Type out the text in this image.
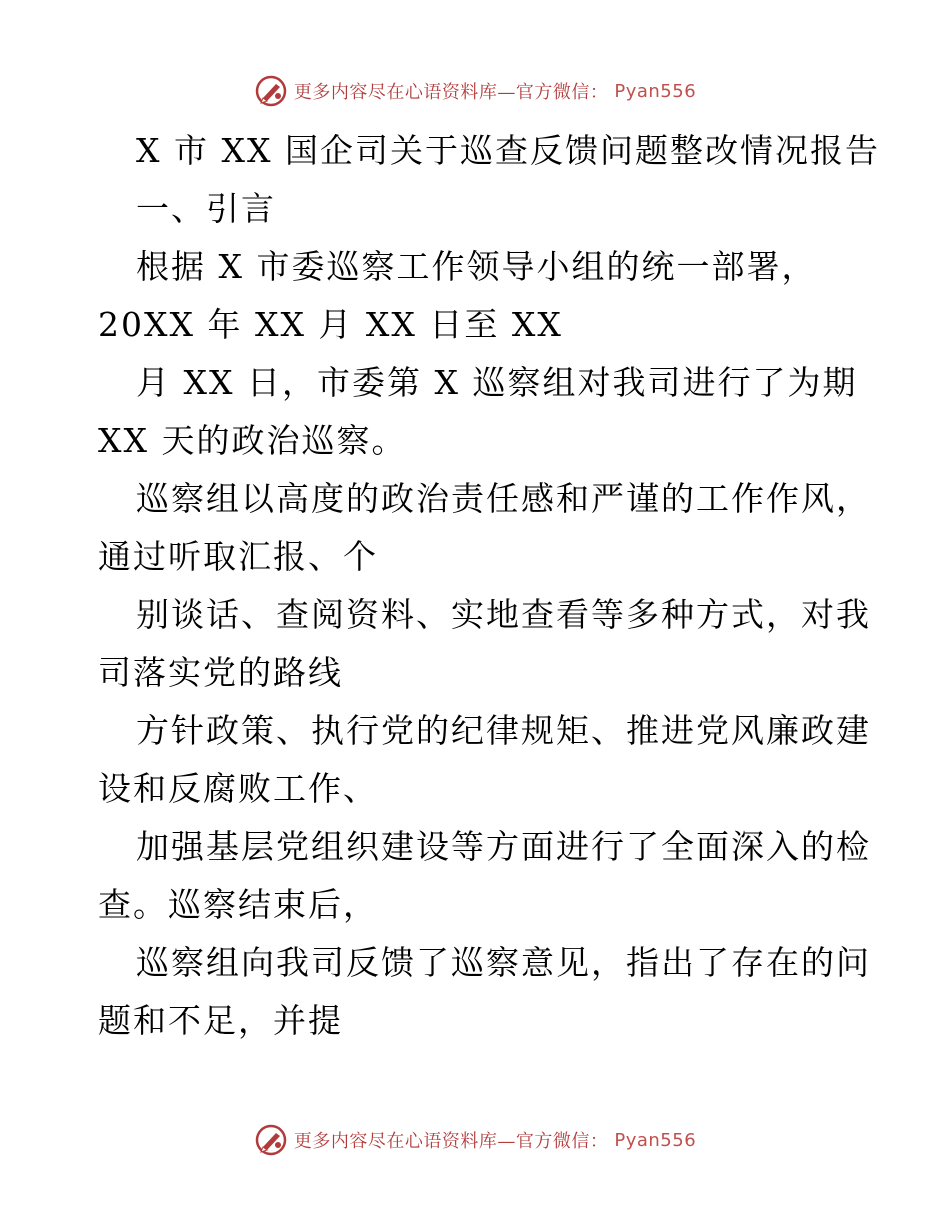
更多内容尽在心语资料库—官方微信： Pyan556
X 市 XX 国企司关于巡查反馈问题整改情况报告
一、引言
根据 X 市委巡察工作领导小组的统一部署，
20XX 年 XX 月 XX 日至 XX
月 XX 日，市委第 X 巡察组对我司进行了为期
XX 天的政治巡察。
巡察组以高度的政治责任感和严谨的工作作风，
通过听取汇报、个
别谈话、查阅资料、实地查看等多种方式，对我
司落实党的路线
方针政策、执行党的纪律规矩、推进党风廉政建
设和反腐败工作、
加强基层党组织建设等方面进行了全面深入的检
查。巡察结束后，
巡察组向我司反馈了巡察意见，指出了存在的问
题和不足，并提
更多内容尽在心语资料库—官方微信： Pyan556
